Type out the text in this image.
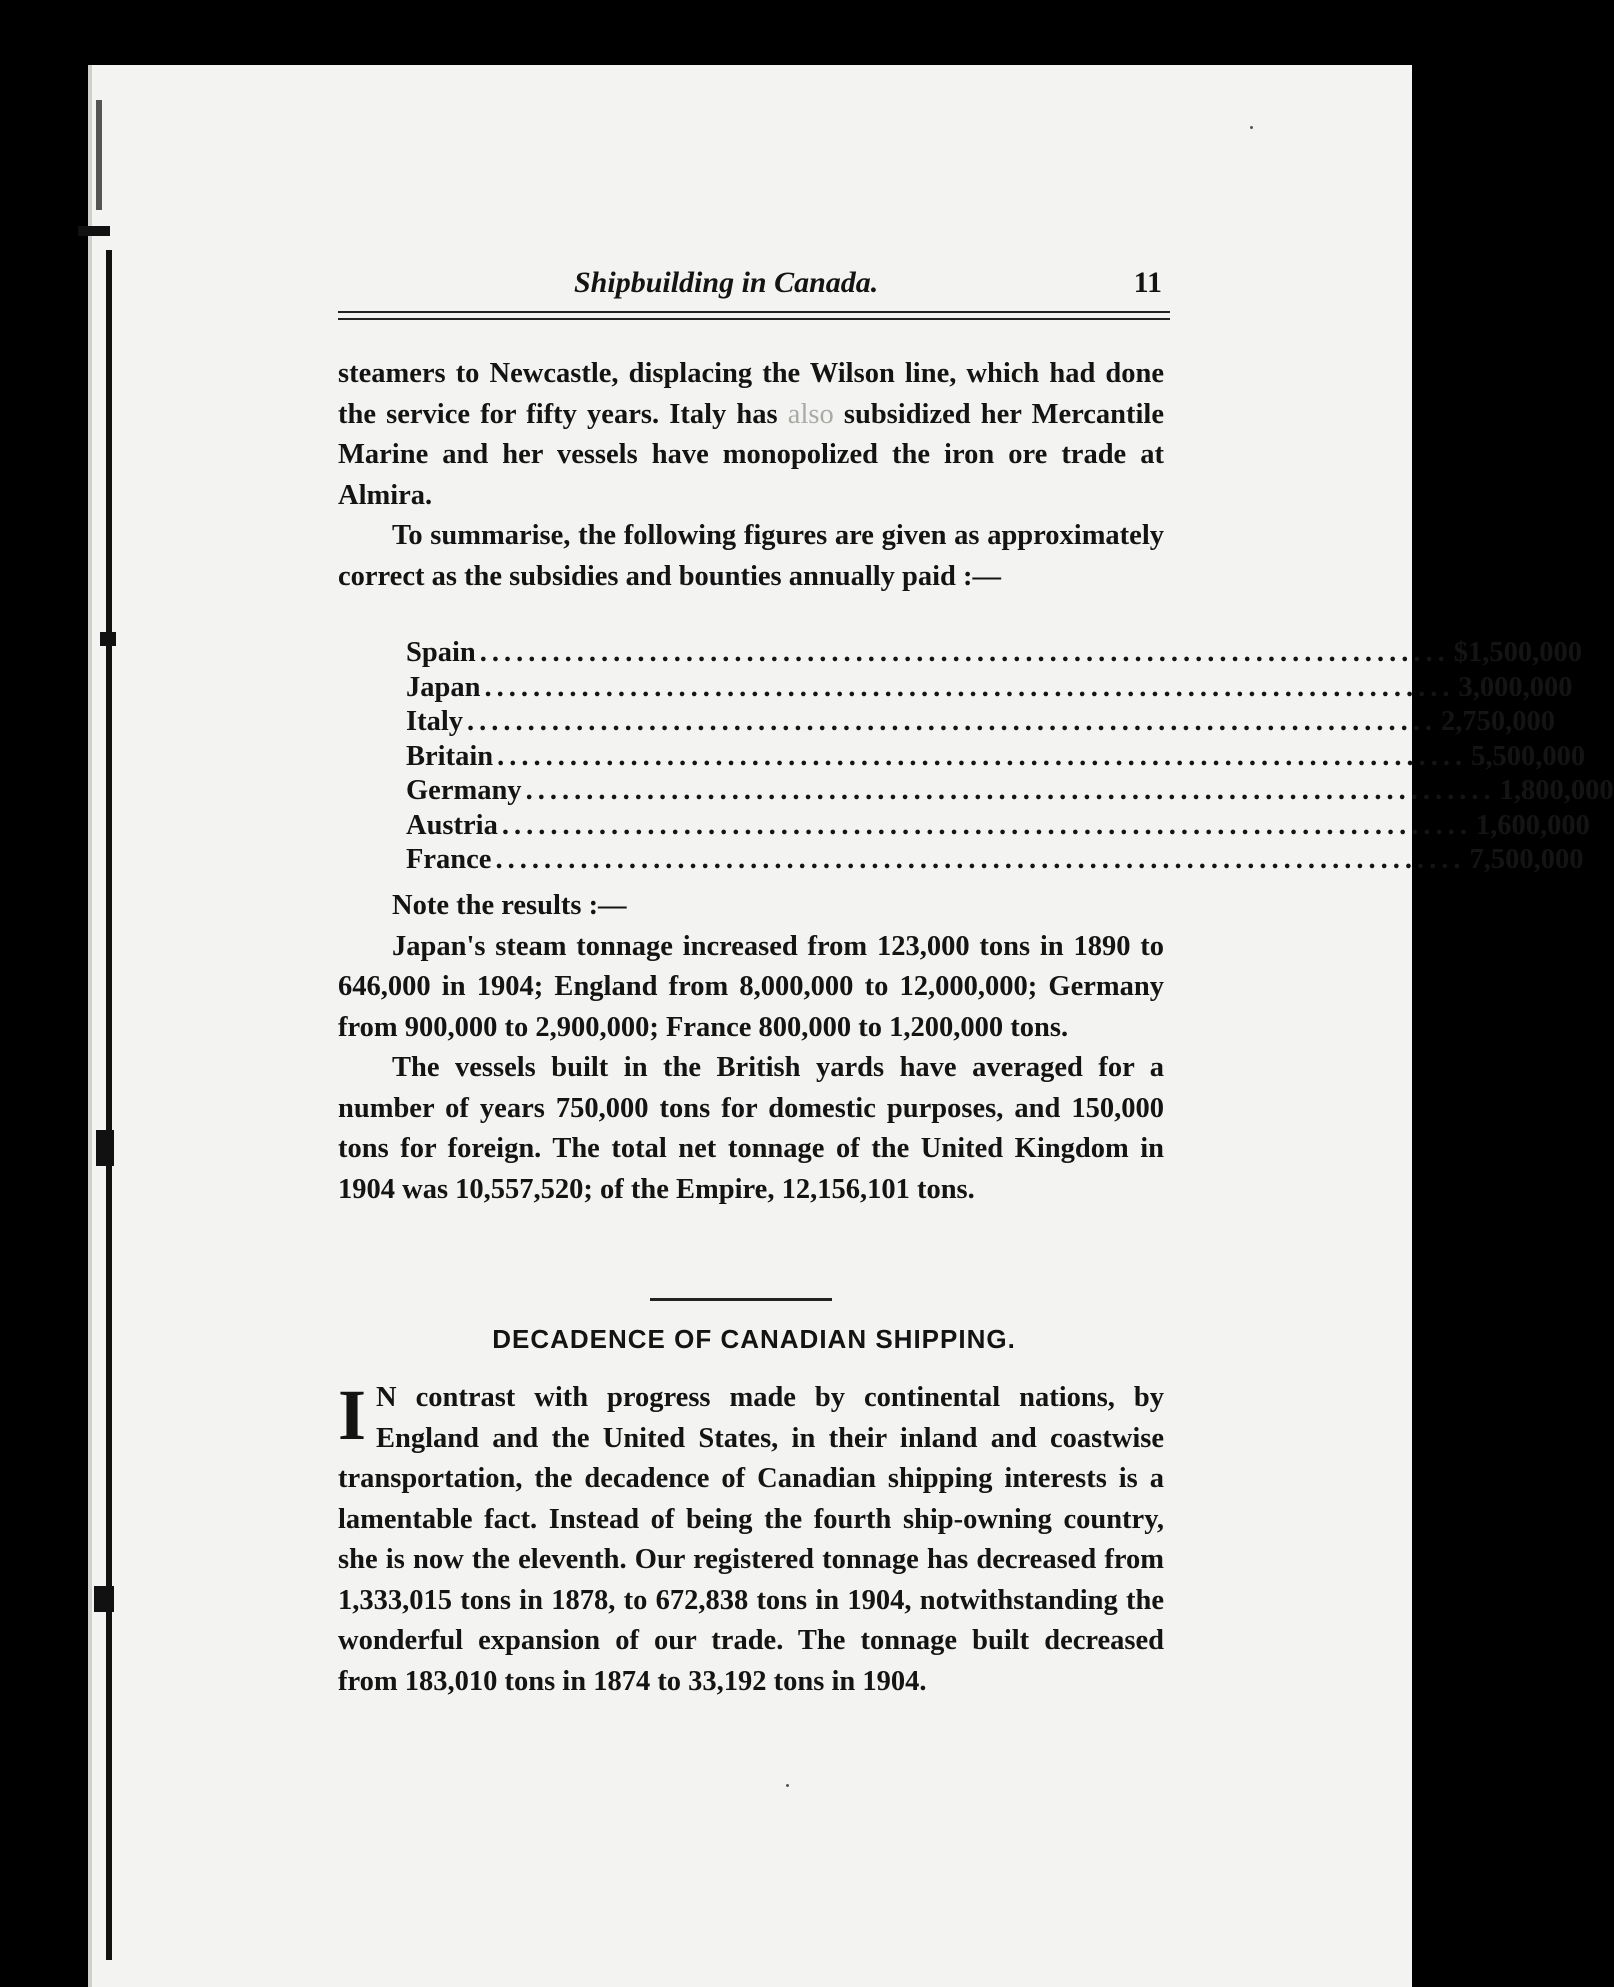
Shipbuilding in Canada.	11

steamers to Newcastle, displacing the Wilson line, which had done the service for fifty years. Italy has also subsidized her Mercantile Marine and her vessels have monopolized the iron ore trade at Almira.

To summarise, the following figures are given as approximately correct as the subsidies and bounties annually paid :—

Spain ................................................................................ $1,500,000
Japan ................................................................................ 3,000,000
Italy ................................................................................ 2,750,000
Britain ................................................................................ 5,500,000
Germany ................................................................................ 1,800,000
Austria ................................................................................ 1,600,000
France ................................................................................ 7,500,000

Note the results :—

Japan's steam tonnage increased from 123,000 tons in 1890 to 646,000 in 1904; England from 8,000,000 to 12,000,000; Germany from 900,000 to 2,900,000; France 800,000 to 1,200,000 tons.

The vessels built in the British yards have averaged for a number of years 750,000 tons for domestic purposes, and 150,000 tons for foreign. The total net tonnage of the United Kingdom in 1904 was 10,557,520; of the Empire, 12,156,101 tons.

DECADENCE OF CANADIAN SHIPPING.

I N contrast with progress made by continental nations, by England and the United States, in their inland and coastwise transportation, the decadence of Canadian shipping interests is a lamentable fact. Instead of being the fourth ship-owning country, she is now the eleventh. Our registered tonnage has decreased from 1,333,015 tons in 1878, to 672,838 tons in 1904, notwithstanding the wonderful expansion of our trade. The tonnage built decreased from 183,010 tons in 1874 to 33,192 tons in 1904.
